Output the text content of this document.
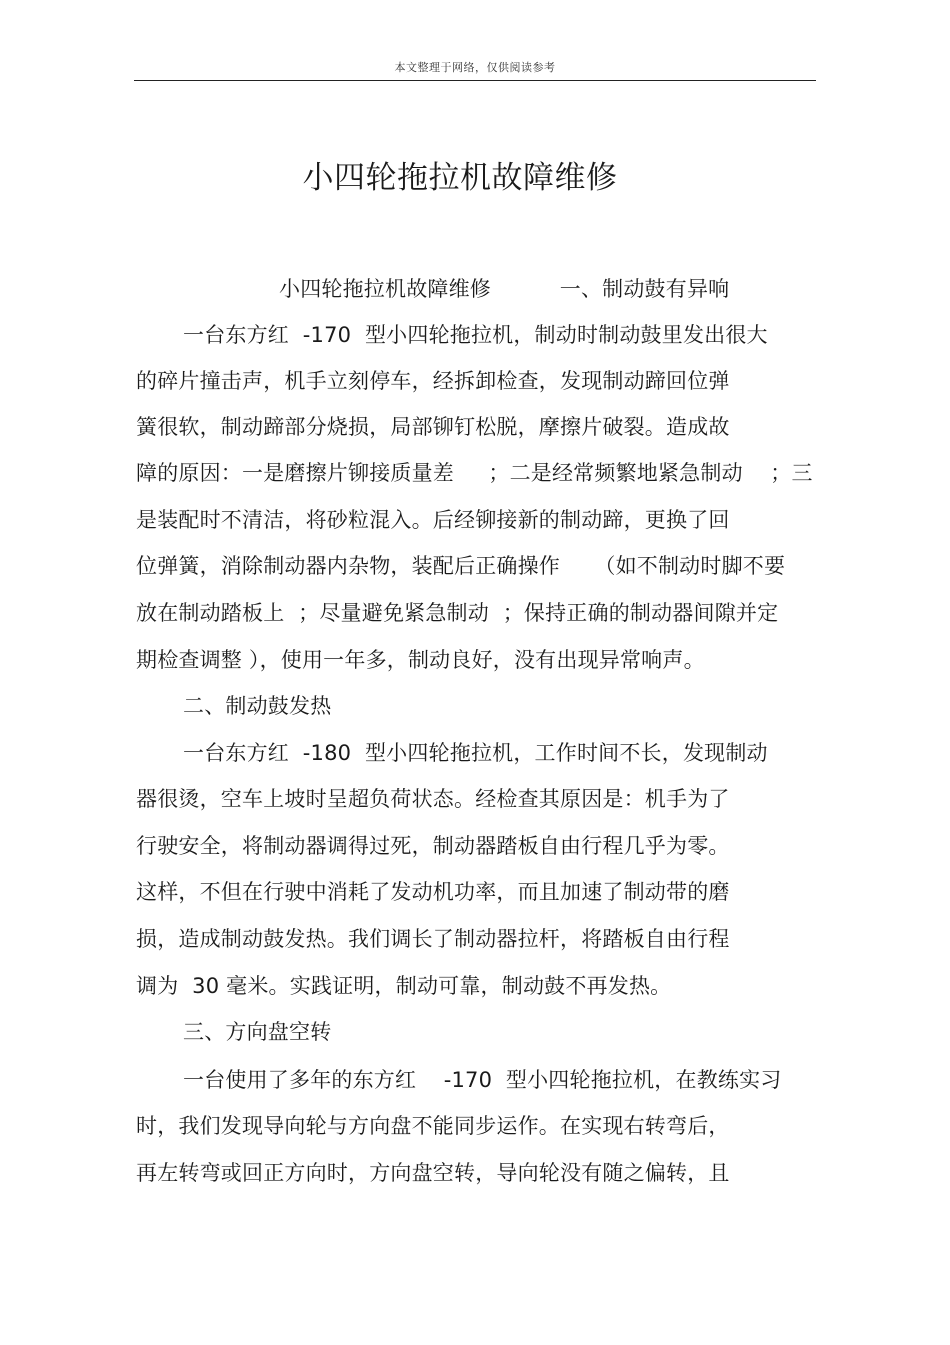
本文整理于网络，仅供阅读参考
小四轮拖拉机故障维修
小四轮拖拉机故障维修          一、制动鼓有异响
一台东方红  -170  型小四轮拖拉机，制动时制动鼓里发出很大
的碎片撞击声，机手立刻停车，经拆卸检查，发现制动蹄回位弹
簧很软，制动蹄部分烧损，局部铆钉松脱，摩擦片破裂。造成故
障的原因：一是磨擦片铆接质量差     ；二是经常频繁地紧急制动    ；三
是装配时不清洁，将砂粒混入。后经铆接新的制动蹄，更换了回
位弹簧，消除制动器内杂物，装配后正确操作     （如不制动时脚不要
放在制动踏板上  ；尽量避免紧急制动  ；保持正确的制动器间隙并定
期检查调整 ），使用一年多，制动良好，没有出现异常响声。
二、制动鼓发热
一台东方红  -180  型小四轮拖拉机，工作时间不长，发现制动
器很烫，空车上坡时呈超负荷状态。经检查其原因是：机手为了
行驶安全，将制动器调得过死，制动器踏板自由行程几乎为零。
这样，不但在行驶中消耗了发动机功率，而且加速了制动带的磨
损，造成制动鼓发热。我们调长了制动器拉杆，将踏板自由行程
调为  30 毫米。实践证明，制动可靠，制动鼓不再发热。
三、方向盘空转
一台使用了多年的东方红    -170  型小四轮拖拉机，在教练实习
时，我们发现导向轮与方向盘不能同步运作。在实现右转弯后，
再左转弯或回正方向时，方向盘空转，导向轮没有随之偏转，且
